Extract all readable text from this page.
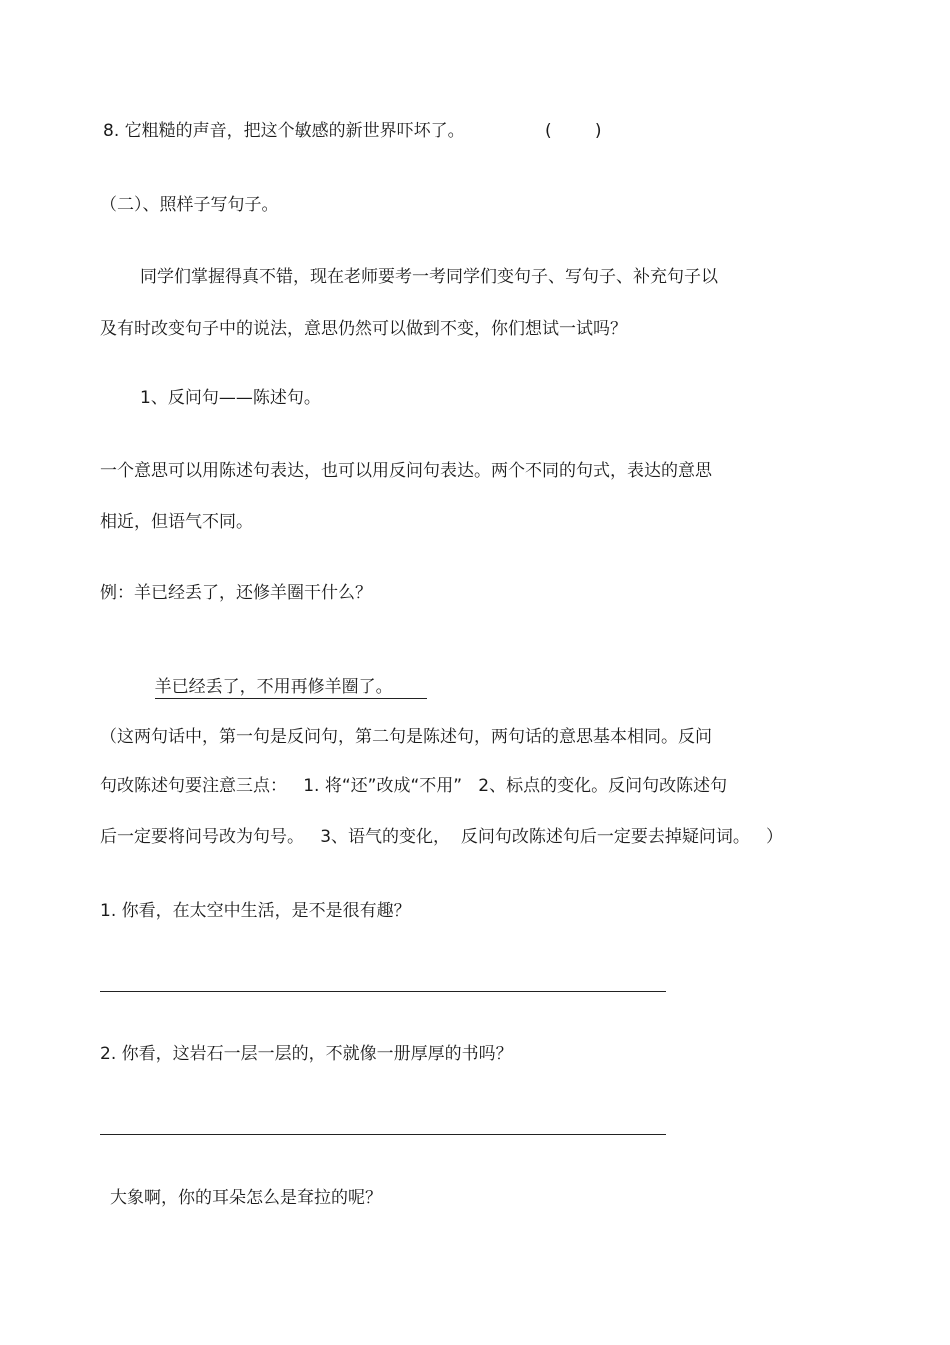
8. 它粗糙的声音，把这个敏感的新世界吓坏了。	(        )
（二）、照样子写句子。
同学们掌握得真不错，现在老师要考一考同学们变句子、写句子、补充句子以
及有时改变句子中的说法，意思仍然可以做到不变，你们想试一试吗？
1、反问句——陈述句。
一个意思可以用陈述句表达，也可以用反问句表达。两个不同的句式，表达的意思
相近，但语气不同。
例：羊已经丢了，还修羊圈干什么？

羊已经丢了，不用再修羊圈了。

（这两句话中，第一句是反问句，第二句是陈述句，两句话的意思基本相同。反问
句改陈述句要注意三点：   1. 将“还”改成“不用”   2、标点的变化。反问句改陈述句
后一定要将问号改为句号。   3、语气的变化，  反问句改陈述句后一定要去掉疑问词。   ）
1. 你看，在太空中生活，是不是很有趣？
2. 你看，这岩石一层一层的，不就像一册厚厚的书吗？
大象啊，你的耳朵怎么是耷拉的呢？
